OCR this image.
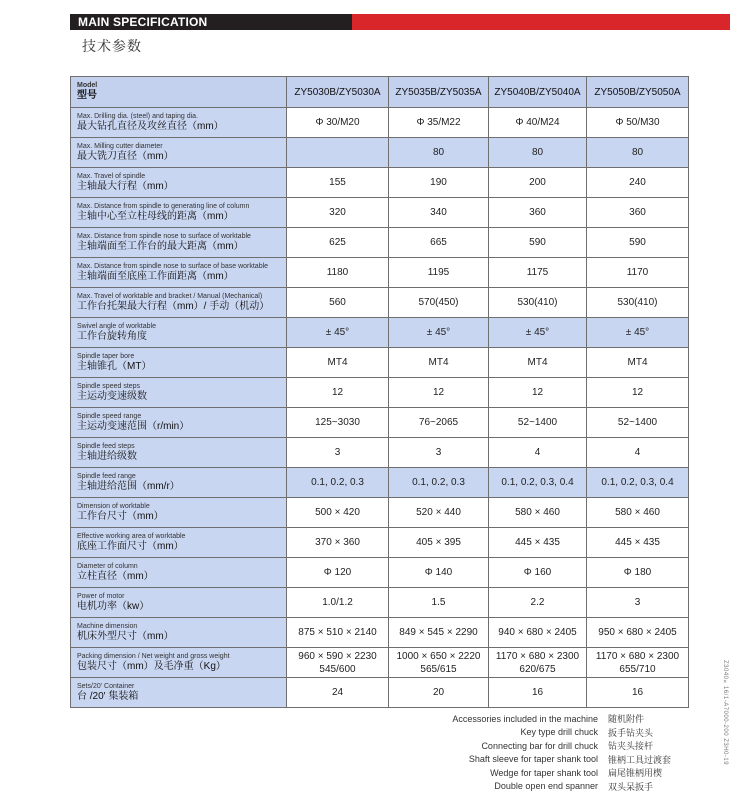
MAIN SPECIFICATION
技术参数
Model
型号	ZY5030B/ZY5030A	ZY5035B/ZY5035A	ZY5040B/ZY5040A	ZY5050B/ZY5050A

Max. Drilling dia. (steel) and taping dia.
最大钻孔直径及攻丝直径（mm）	Φ 30/M20	Φ 35/M22	Φ 40/M24	Φ 50/M30

Max. Milling cutter diameter
最大铣刀直径（mm）		80	80	80

Max. Travel of spindle
主轴最大行程（mm）	155	190	200	240

Max. Distance from spindle to generating line of column
主轴中心至立柱母线的距离（mm）	320	340	360	360

Max. Distance from spindle nose to surface of worktable
主轴端面至工作台的最大距离（mm）	625	665	590	590

Max. Distance from spindle nose to surface of base worktable
主轴端面至底座工作面距离（mm）	1180	1195	1175	1170

Max. Travel of worktable and bracket / Manual (Mechanical)
工作台托架最大行程（mm）/ 手动（机动）	560	570(450)	530(410)	530(410)

Swivel angle of worktable
工作台旋转角度	± 45°	± 45°	± 45°	± 45°

Spindle taper bore
主轴锥孔（MT）	MT4	MT4	MT4	MT4

Spindle speed steps
主运动变速级数	12	12	12	12

Spindle speed range
主运动变速范围（r/min）	125~3030	76~2065	52~1400	52~1400

Spindle feed steps
主轴进给级数	3	3	4	4

Spindle feed range
主轴进给范围（mm/r）	0.1, 0.2, 0.3	0.1, 0.2, 0.3	0.1, 0.2, 0.3, 0.4	0.1, 0.2, 0.3, 0.4

Dimension of worktable
工作台尺寸（mm）	500 × 420	520 × 440	580 × 460	580 × 460

Effective working area of worktable
底座工作面尺寸（mm）	370 × 360	405 × 395	445 × 435	445 × 435

Diameter of column
立柱直径（mm）	Φ 120	Φ 140	Φ 160	Φ 180

Power of motor
电机功率（kw）	1.0/1.2	1.5	2.2	3

Machine dimension
机床外型尺寸（mm）	875 × 510 × 2140	849 × 545 × 2290	940 × 680 × 2405	950 × 680 × 2405

Packing dimension / Net weight and gross weight
包装尺寸（mm）及毛净重（Kg）	960 × 590 × 2230
545/600	1000 × 650 × 2220
565/615	1170 × 680 × 2300
620/675	1170 × 680 × 2300
655/710

Sets/20' Container
台 /20' 集装箱	24	20	16	16
Accessories included in the machine 随机附件
Key type drill chuck 扳手钻夹头
Connecting bar for drill chuck 钻夹头接杆
Shaft sleeve for taper shank tool 锥柄工具过渡套
Wedge for taper shank tool 扁尾锥柄用楔
Double open end spanner 双头呆扳手
Z3040×16/1-A7000-200 Z3H0-19
